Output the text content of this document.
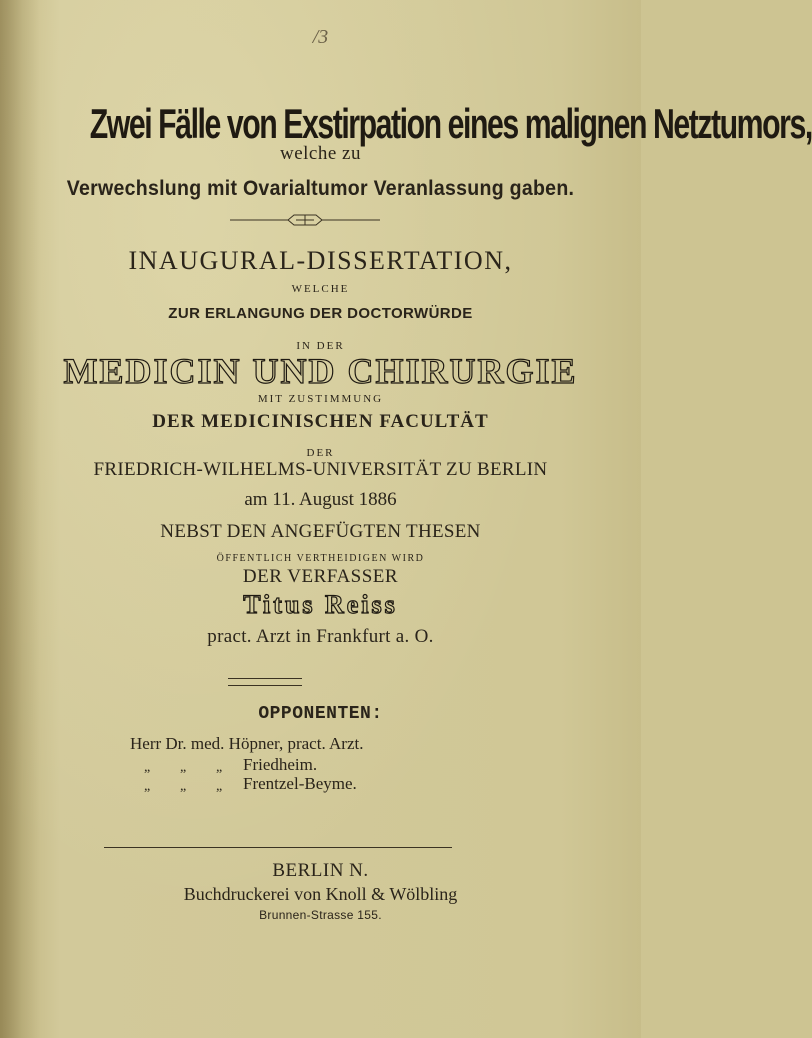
/3
Zwei Fälle von Exstirpation eines malignen Netztumors,
welche zu
Verwechslung mit Ovarialtumor Veranlassung gaben.
INAUGURAL-DISSERTATION,
WELCHE
ZUR ERLANGUNG DER DOCTORWÜRDE
IN DER
MEDICIN UND CHIRURGIE
MIT ZUSTIMMUNG
DER MEDICINISCHEN FACULTÄT
DER
FRIEDRICH-WILHELMS-UNIVERSITÄT ZU BERLIN
am 11. August 1886
NEBST DEN ANGEFÜGTEN THESEN
ÖFFENTLICH VERTHEIDIGEN WIRD
DER VERFASSER
Titus Reiss
pract. Arzt in Frankfurt a. O.
OPPONENTEN:
Herr Dr. med. Höpner, pract. Arzt.
„ „ „ Friedheim.
„ „ „ Frentzel-Beyme.
BERLIN N.
Buchdruckerei von Knoll & Wölbling
Brunnen-Strasse 155.
